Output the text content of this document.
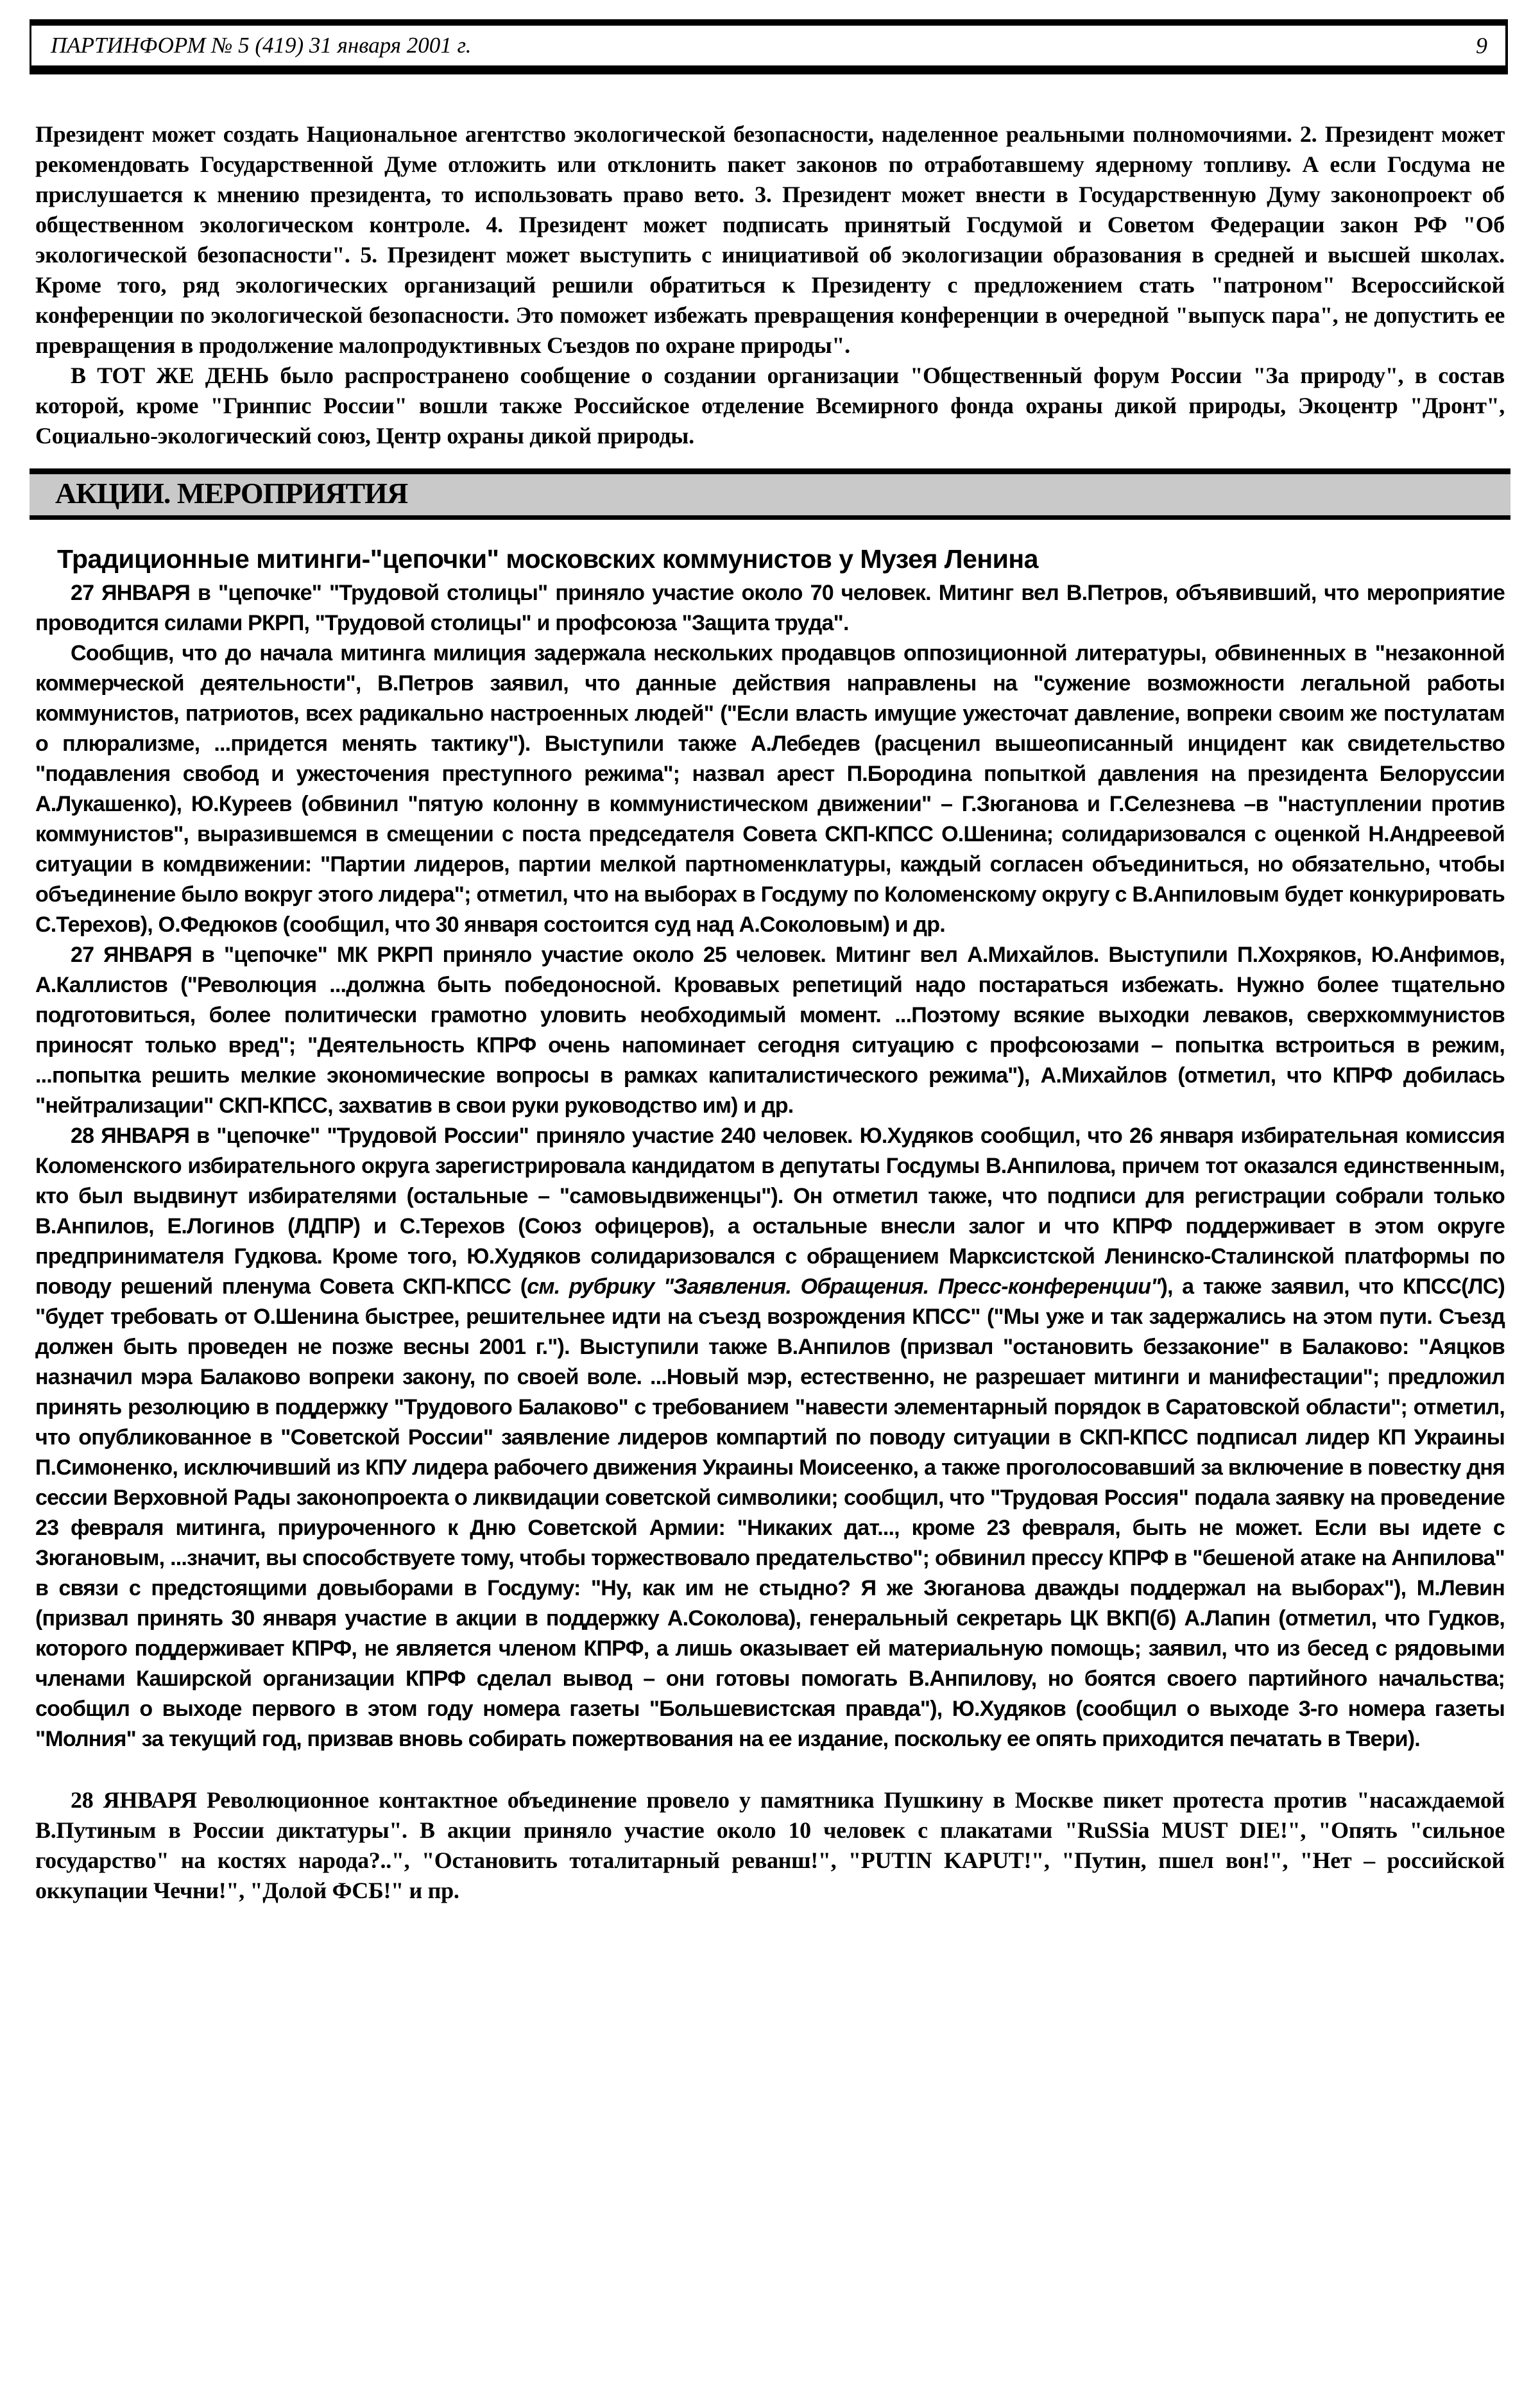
ПАРТИНФОРМ № 5 (419) 31 января 2001 г.	9

Президент может создать Национальное агентство экологической безопасности, наделенное реальными полномочиями. 2. Президент может рекомендовать Государственной Думе отложить или отклонить пакет законов по отработавшему ядерному топливу. А если Госдума не прислушается к мнению президента, то использовать право вето. 3. Президент может внести в Государственную Думу законопроект об общественном экологическом контроле. 4. Президент может подписать принятый Госдумой и Советом Федерации закон РФ "Об экологической безопасности". 5. Президент может выступить с инициативой об экологизации образования в средней и высшей школах. Кроме того, ряд экологических организаций решили обратиться к Президенту с предложением стать "патроном" Всероссийской конференции по экологической безопасности. Это поможет избежать превращения конференции в очередной "выпуск пара", не допустить ее превращения в продолжение малопродуктивных Съездов по охране природы".

В ТОТ ЖЕ ДЕНЬ было распространено сообщение о создании организации "Общественный форум России "За природу", в состав которой, кроме "Гринпис России" вошли также Российское отделение Всемирного фонда охраны дикой природы, Экоцентр "Дронт", Социально-экологический союз, Центр охраны дикой природы.

АКЦИИ. МЕРОПРИЯТИЯ
Традиционные митинги-"цепочки" московских коммунистов у Музея Ленина

27 ЯНВАРЯ в "цепочке" "Трудовой столицы" приняло участие около 70 человек. Митинг вел В.Петров, объявивший, что мероприятие проводится силами РКРП, "Трудовой столицы" и профсоюза "Защита труда".

Сообщив, что до начала митинга милиция задержала нескольких продавцов оппозиционной литературы, обвиненных в "незаконной коммерческой деятельности", В.Петров заявил, что данные действия направлены на "сужение возможности легальной работы коммунистов, патриотов, всех радикально настроенных людей" ("Если власть имущие ужесточат давление, вопреки своим же постулатам о плюрализме, ...придется менять тактику"). Выступили также А.Лебедев (расценил вышеописанный инцидент как свидетельство "подавления свобод и ужесточения преступного режима"; назвал арест П.Бородина попыткой давления на президента Белоруссии А.Лукашенко), Ю.Куреев (обвинил "пятую колонну в коммунистическом движении" – Г.Зюганова и Г.Селезнева –в "наступлении против коммунистов", выразившемся в смещении с поста председателя Совета СКП-КПСС О.Шенина; солидаризовался с оценкой Н.Андреевой ситуации в комдвижении: "Партии лидеров, партии мелкой партноменклатуры, каждый согласен объединиться, но обязательно, чтобы объединение было вокруг этого лидера"; отметил, что на выборах в Госдуму по Коломенскому округу с В.Анпиловым будет конкурировать С.Терехов), О.Федюков (сообщил, что 30 января состоится суд над А.Соколовым) и др.

27 ЯНВАРЯ в "цепочке" МК РКРП приняло участие около 25 человек. Митинг вел А.Михайлов. Выступили П.Хохряков, Ю.Анфимов, А.Каллистов ("Революция ...должна быть победоносной. Кровавых репетиций надо постараться избежать. Нужно более тщательно подготовиться, более политически грамотно уловить необходимый момент. ...Поэтому всякие выходки леваков, сверхкоммунистов приносят только вред"; "Деятельность КПРФ очень напоминает сегодня ситуацию с профсоюзами – попытка встроиться в режим, ...попытка решить мелкие экономические вопросы в рамках капиталистического режима"), А.Михайлов (отметил, что КПРФ добилась "нейтрализации" СКП-КПСС, захватив в свои руки руководство им) и др.

28 ЯНВАРЯ в "цепочке" "Трудовой России" приняло участие 240 человек. Ю.Худяков сообщил, что 26 января избирательная комиссия Коломенского избирательного округа зарегистрировала кандидатом в депутаты Госдумы В.Анпилова, причем тот оказался единственным, кто был выдвинут избирателями (остальные – "самовыдвиженцы"). Он отметил также, что подписи для регистрации собрали только В.Анпилов, Е.Логинов (ЛДПР) и С.Терехов (Союз офицеров), а остальные внесли залог и что КПРФ поддерживает в этом округе предпринимателя Гудкова. Кроме того, Ю.Худяков солидаризовался с обращением Марксистской Ленинско-Сталинской платформы по поводу решений пленума Совета СКП-КПСС (см. рубрику "Заявления. Обращения. Пресс-конференции"), а также заявил, что КПСС(ЛС) "будет требовать от О.Шенина быстрее, решительнее идти на съезд возрождения КПСС" ("Мы уже и так задержались на этом пути. Съезд должен быть проведен не позже весны 2001 г."). Выступили также В.Анпилов (призвал "остановить беззаконие" в Балаково: "Аяцков назначил мэра Балаково вопреки закону, по своей воле. ...Новый мэр, естественно, не разрешает митинги и манифестации"; предложил принять резолюцию в поддержку "Трудового Балаково" с требованием "навести элементарный порядок в Саратовской области"; отметил, что опубликованное в "Советской России" заявление лидеров компартий по поводу ситуации в СКП-КПСС подписал лидер КП Украины П.Симоненко, исключивший из КПУ лидера рабочего движения Украины Моисеенко, а также проголосовавший за включение в повестку дня сессии Верховной Рады законопроекта о ликвидации советской символики; сообщил, что "Трудовая Россия" подала заявку на проведение 23 февраля митинга, приуроченного к Дню Советской Армии: "Никаких дат..., кроме 23 февраля, быть не может. Если вы идете с Зюгановым, ...значит, вы способствуете тому, чтобы торжествовало предательство"; обвинил прессу КПРФ в "бешеной атаке на Анпилова" в связи с предстоящими довыборами в Госдуму: "Ну, как им не стыдно? Я же Зюганова дважды поддержал на выборах"), М.Левин (призвал принять 30 января участие в акции в поддержку А.Соколова), генеральный секретарь ЦК ВКП(б) А.Лапин (отметил, что Гудков, которого поддерживает КПРФ, не является членом КПРФ, а лишь оказывает ей материальную помощь; заявил, что из бесед с рядовыми членами Каширской организации КПРФ сделал вывод – они готовы помогать В.Анпилову, но боятся своего партийного начальства; сообщил о выходе первого в этом году номера газеты "Большевистская правда"), Ю.Худяков (сообщил о выходе 3-го номера газеты "Молния" за текущий год, призвав вновь собирать пожертвования на ее издание, поскольку ее опять приходится печатать в Твери).

28 ЯНВАРЯ Революционное контактное объединение провело у памятника Пушкину в Москве пикет протеста против "насаждаемой В.Путиным в России диктатуры". В акции приняло участие около 10 человек с плакатами "RuSSia MUST DIE!", "Опять "сильное государство" на костях народа?..", "Остановить тоталитарный реванш!", "PUTIN KAPUT!", "Путин, пшел вон!", "Нет – российской оккупации Чечни!", "Долой ФСБ!" и пр.
